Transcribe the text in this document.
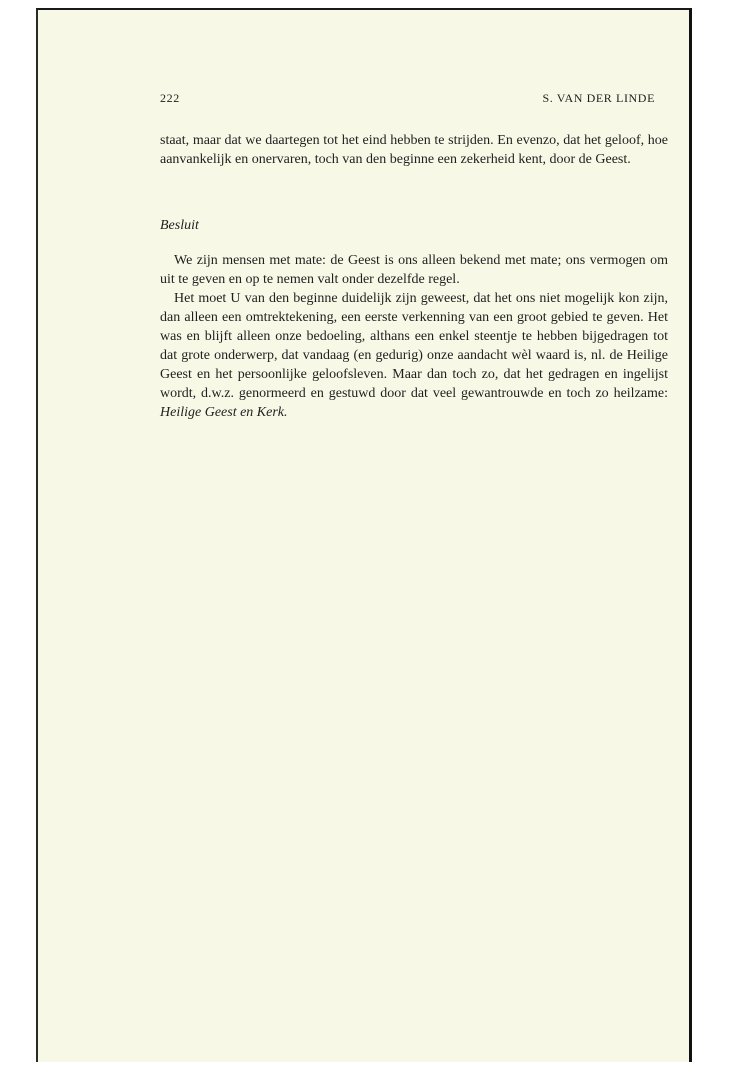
222	S. VAN DER LINDE
staat, maar dat we daartegen tot het eind hebben te strijden. En evenzo, dat het geloof, hoe aanvankelijk en onervaren, toch van den beginne een zekerheid kent, door de Geest.
Besluit

We zijn mensen met mate: de Geest is ons alleen bekend met mate; ons vermogen om uit te geven en op te nemen valt onder dezelfde regel.

Het moet U van den beginne duidelijk zijn geweest, dat het ons niet mogelijk kon zijn, dan alleen een omtrektekening, een eerste verkenning van een groot gebied te geven. Het was en blijft alleen onze bedoeling, althans een enkel steentje te hebben bijgedragen tot dat grote onderwerp, dat vandaag (en gedurig) onze aandacht wèl waard is, nl. de Heilige Geest en het persoonlijke geloofsleven. Maar dan toch zo, dat het gedragen en ingelijst wordt, d.w.z. genormeerd en gestuwd door dat veel gewantrouwde en toch zo heilzame: Heilige Geest en Kerk.
